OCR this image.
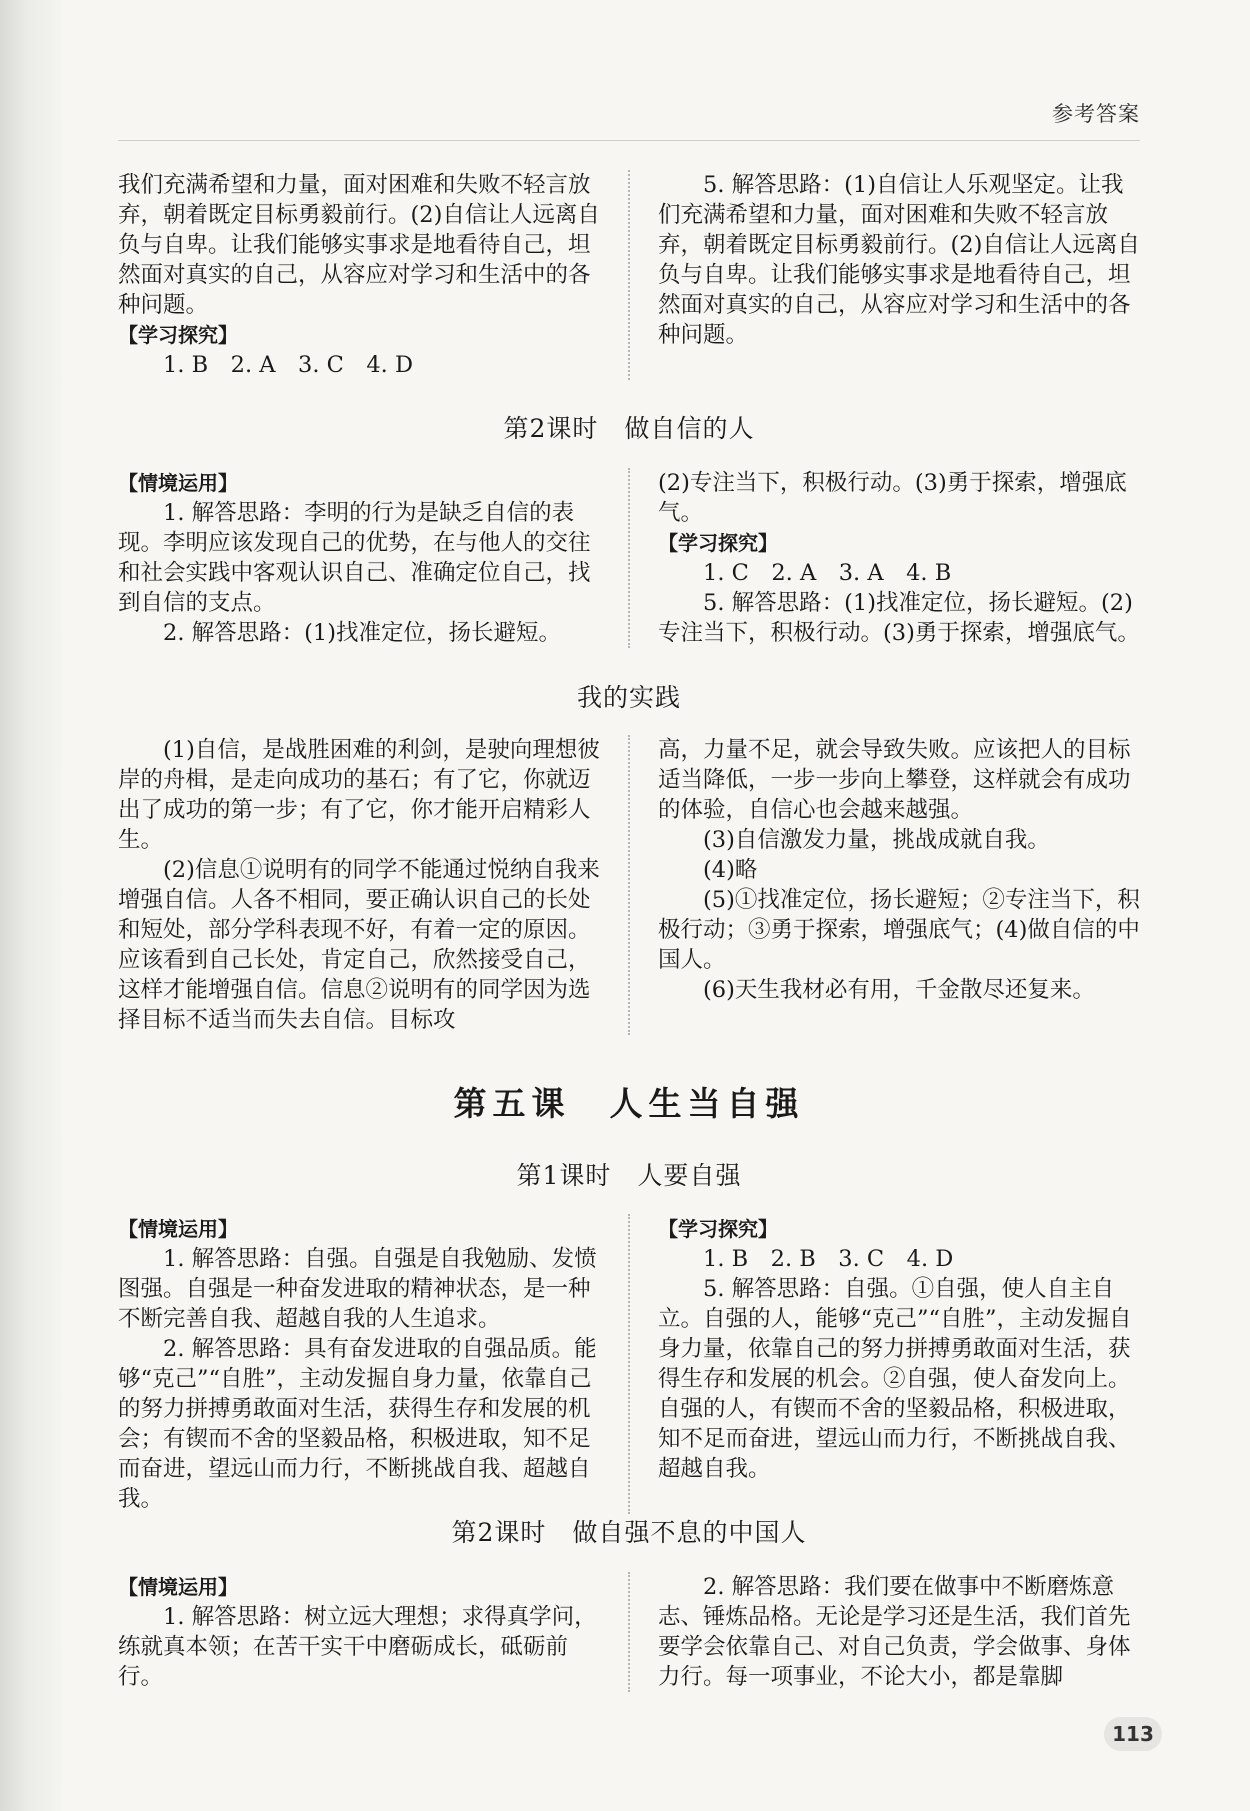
参考答案

我们充满希望和力量，面对困难和失败不轻言放弃，朝着既定目标勇毅前行。(2)自信让人远离自负与自卑。让我们能够实事求是地看待自己，坦然面对真实的自己，从容应对学习和生活中的各种问题。

【学习探究】

1. B　2. A　3. C　4. D

5. 解答思路：(1)自信让人乐观坚定。让我们充满希望和力量，面对困难和失败不轻言放弃，朝着既定目标勇毅前行。(2)自信让人远离自负与自卑。让我们能够实事求是地看待自己，坦然面对真实的自己，从容应对学习和生活中的各种问题。

第2课时　做自信的人

【情境运用】

1. 解答思路：李明的行为是缺乏自信的表现。李明应该发现自己的优势，在与他人的交往和社会实践中客观认识自己、准确定位自己，找到自信的支点。

2. 解答思路：(1)找准定位，扬长避短。

(2)专注当下，积极行动。(3)勇于探索，增强底气。

【学习探究】

1. C　2. A　3. A　4. B

5. 解答思路：(1)找准定位，扬长避短。(2)专注当下，积极行动。(3)勇于探索，增强底气。

我的实践

(1)自信，是战胜困难的利剑，是驶向理想彼岸的舟楫，是走向成功的基石；有了它，你就迈出了成功的第一步；有了它，你才能开启精彩人生。

(2)信息①说明有的同学不能通过悦纳自我来增强自信。人各不相同，要正确认识自己的长处和短处，部分学科表现不好，有着一定的原因。应该看到自己长处，肯定自己，欣然接受自己，这样才能增强自信。信息②说明有的同学因为选择目标不适当而失去自信。目标攻

高，力量不足，就会导致失败。应该把人的目标适当降低，一步一步向上攀登，这样就会有成功的体验，自信心也会越来越强。

(3)自信激发力量，挑战成就自我。

(4)略

(5)①找准定位，扬长避短；②专注当下，积极行动；③勇于探索，增强底气；(4)做自信的中国人。

(6)天生我材必有用，千金散尽还复来。

第五课　人生当自强
第1课时　人要自强

【情境运用】

1. 解答思路：自强。自强是自我勉励、发愤图强。自强是一种奋发进取的精神状态，是一种不断完善自我、超越自我的人生追求。

2. 解答思路：具有奋发进取的自强品质。能够“克己”“自胜”，主动发掘自身力量，依靠自己的努力拼搏勇敢面对生活，获得生存和发展的机会；有锲而不舍的坚毅品格，积极进取，知不足而奋进，望远山而力行，不断挑战自我、超越自我。

【学习探究】

1. B　2. B　3. C　4. D

5. 解答思路：自强。①自强，使人自主自立。自强的人，能够“克己”“自胜”，主动发掘自身力量，依靠自己的努力拼搏勇敢面对生活，获得生存和发展的机会。②自强，使人奋发向上。自强的人，有锲而不舍的坚毅品格，积极进取，知不足而奋进，望远山而力行，不断挑战自我、超越自我。

第2课时　做自强不息的中国人

【情境运用】

1. 解答思路：树立远大理想；求得真学问，练就真本领；在苦干实干中磨砺成长，砥砺前行。

2. 解答思路：我们要在做事中不断磨炼意志、锤炼品格。无论是学习还是生活，我们首先要学会依靠自己、对自己负责，学会做事、身体力行。每一项事业，不论大小，都是靠脚

113
